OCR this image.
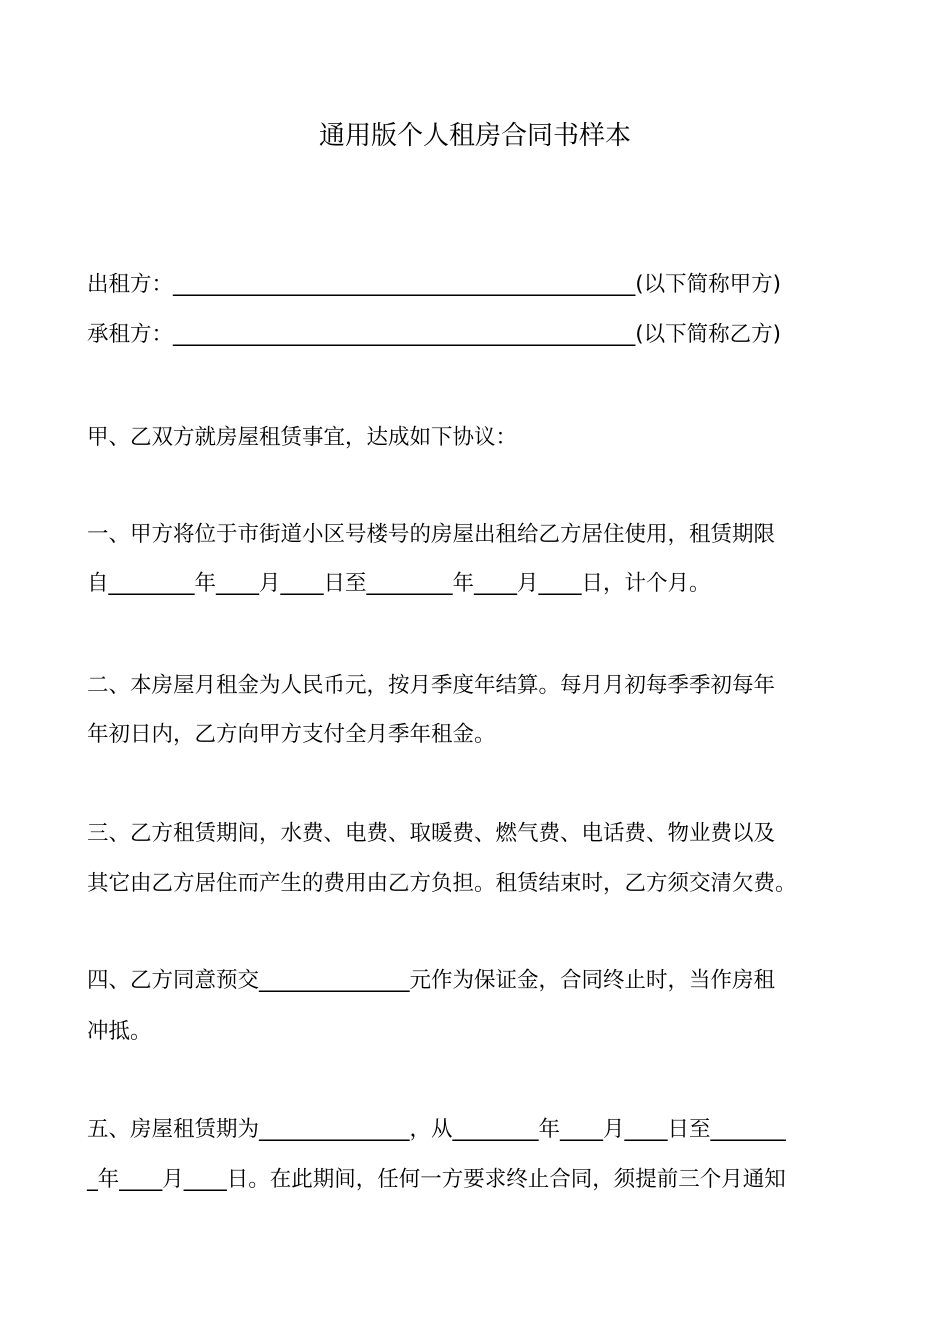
通用版个人租房合同书样本
出租方：___________________________________________(以下简称甲方)
承租方：___________________________________________(以下简称乙方)
甲、乙双方就房屋租赁事宜，达成如下协议：
一、甲方将位于市街道小区号楼号的房屋出租给乙方居住使用，租赁期限
自________年____月____日至________年____月____日，计个月。
二、本房屋月租金为人民币元，按月季度年结算。每月月初每季季初每年
年初日内，乙方向甲方支付全月季年租金。
三、乙方租赁期间，水费、电费、取暖费、燃气费、电话费、物业费以及
其它由乙方居住而产生的费用由乙方负担。租赁结束时，乙方须交清欠费。
四、乙方同意预交______________元作为保证金，合同终止时，当作房租
冲抵。
五、房屋租赁期为______________，从________年____月____日至_______
_年____月____日。在此期间，任何一方要求终止合同，须提前三个月通知
